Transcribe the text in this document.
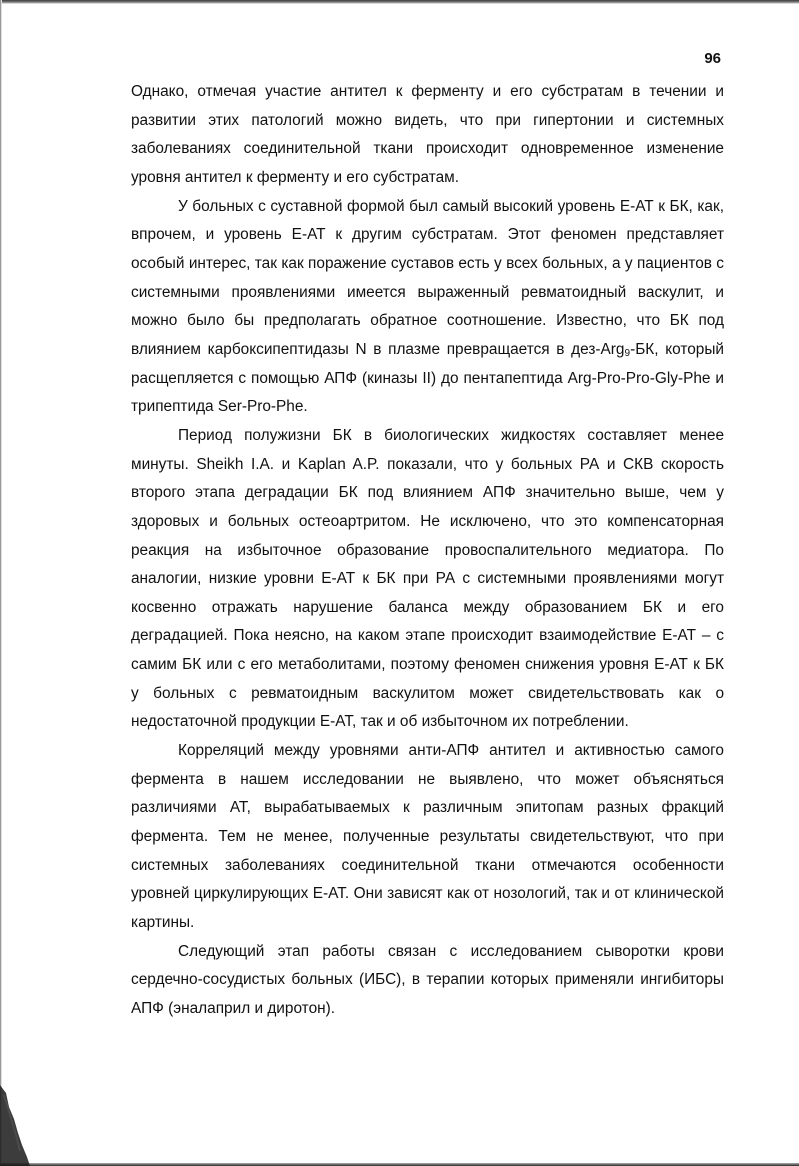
96

Однако, отмечая участие антител к ферменту и его субстратам в течении и развитии этих патологий можно видеть, что при гипертонии и системных заболеваниях соединительной ткани происходит одновременное изменение уровня антител к ферменту и его субстратам.

У больных с суставной формой был самый высокий уровень Е-АТ к БК, как, впрочем, и уровень Е-АТ к другим субстратам. Этот феномен представляет особый интерес, так как поражение суставов есть у всех больных, а у пациентов с системными проявлениями имеется выраженный ревматоидный васкулит, и можно было бы предполагать обратное соотношение. Известно, что БК под влиянием карбоксипептидазы N в плазме превращается в дез-Arg$_9$-БК, который расщепляется с помощью АПФ (киназы II) до пентапептида Arg-Pro-Pro-Gly-Phe и трипептида Ser-Pro-Phe.

Период полужизни БК в биологических жидкостях составляет менее минуты. Sheikh I.A. и Kaplan A.P. показали, что у больных РА и СКВ скорость второго этапа деградации БК под влиянием АПФ значительно выше, чем у здоровых и больных остеоартритом. Не исключено, что это компенсаторная реакция на избыточное образование провоспалительного медиатора. По аналогии, низкие уровни Е-АТ к БК при РА с системными проявлениями могут косвенно отражать нарушение баланса между образованием БК и его деградацией. Пока неясно, на каком этапе происходит взаимодействие Е-АТ – с самим БК или с его метаболитами, поэтому феномен снижения уровня Е-АТ к БК у больных с ревматоидным васкулитом может свидетельствовать как о недостаточной продукции Е-АТ, так и об избыточном их потреблении.

Корреляций между уровнями анти-АПФ антител и активностью самого фермента в нашем исследовании не выявлено, что может объясняться различиями АТ, вырабатываемых к различным эпитопам разных фракций фермента. Тем не менее, полученные результаты свидетельствуют, что при системных заболеваниях соединительной ткани отмечаются особенности уровней циркулирующих Е-АТ. Они зависят как от нозологий, так и от клинической картины.

Следующий этап работы связан с исследованием сыворотки крови сердечно-сосудистых больных (ИБС), в терапии которых применяли ингибиторы АПФ (эналаприл и диротон).
